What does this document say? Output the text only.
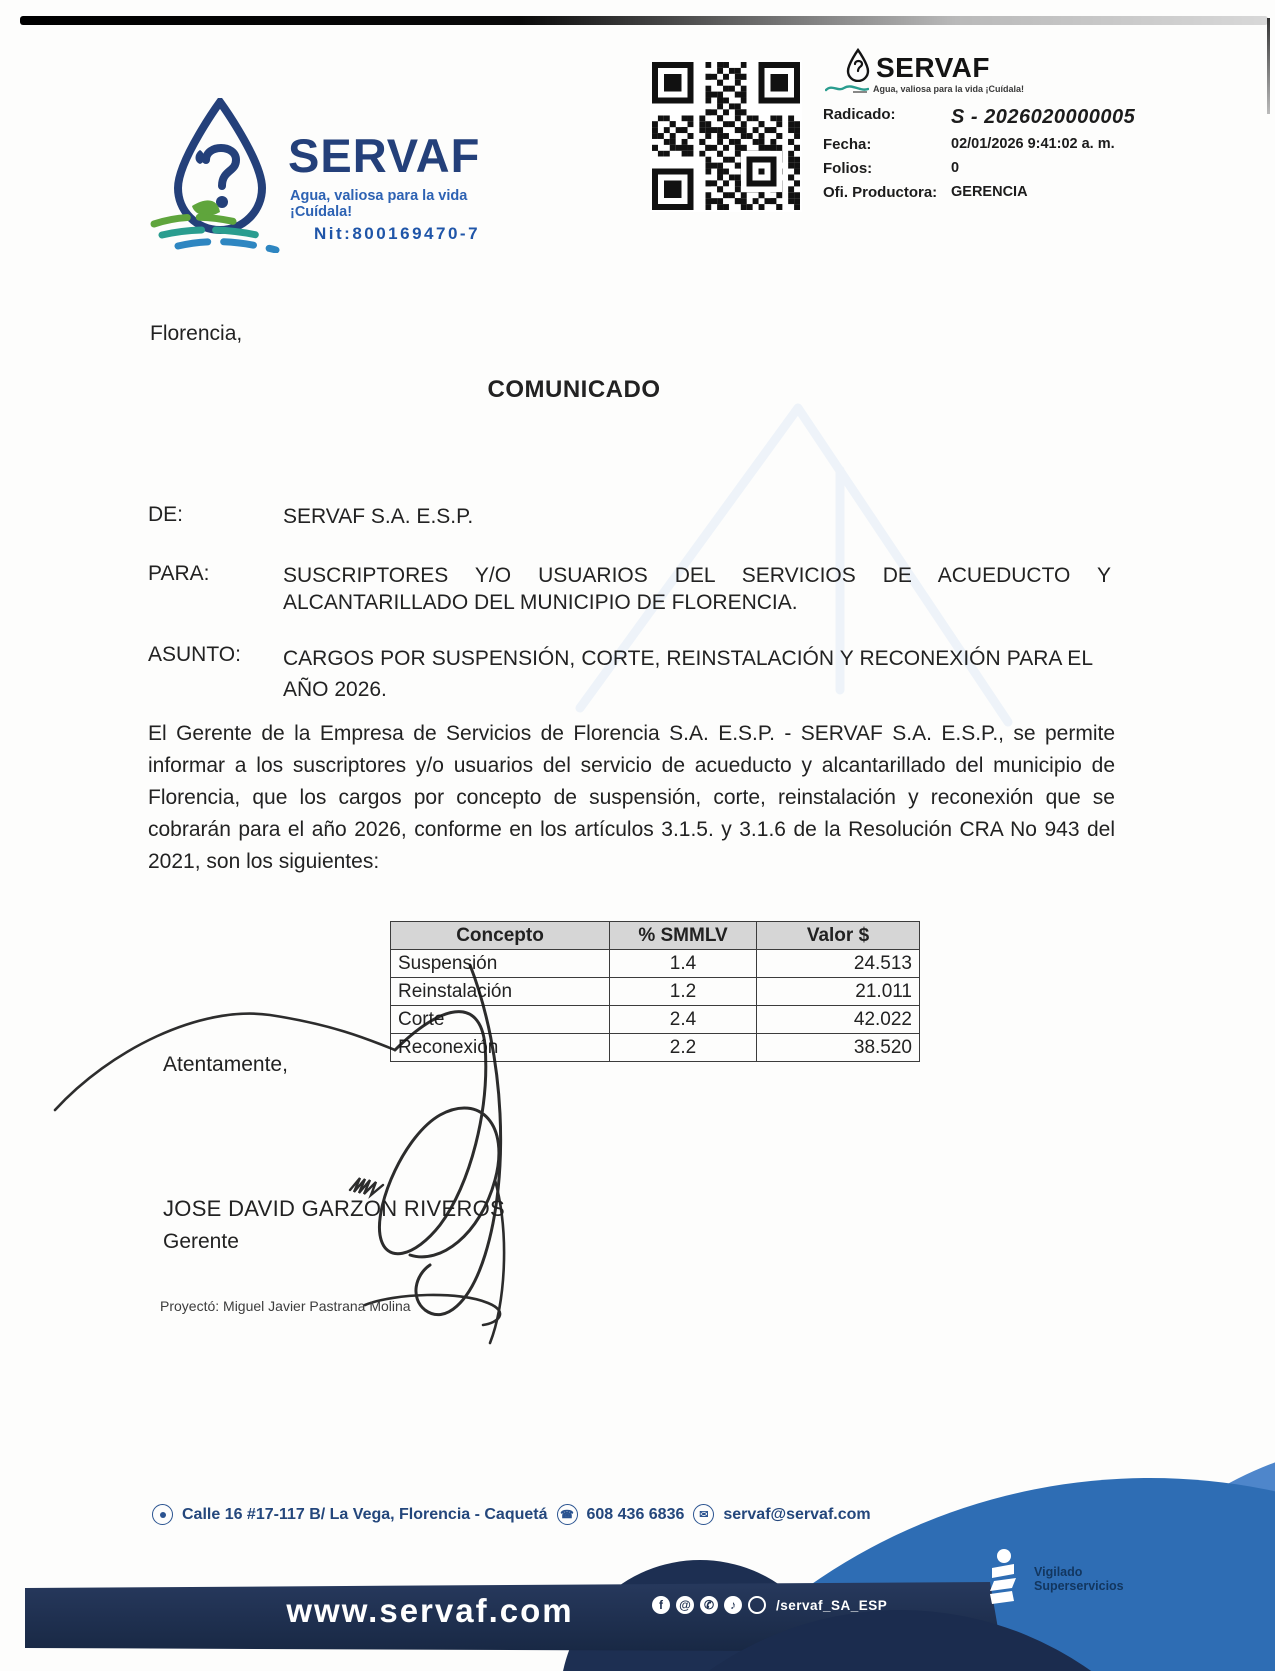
SERVAF
Agua, valiosa para la vida ¡Cuídala!
Nit:800169470-7
SERVAF
Agua, valiosa para la vida ¡Cuídala!
Radicado:	S - 2026020000005
Fecha:	02/01/2026 9:41:02 a. m.
Folios:	0
Ofi. Productora: GERENCIA
Florencia,
COMUNICADO
DE:	SERVAF S.A. E.S.P.
PARA:	SUSCRIPTORES Y/O USUARIOS DEL SERVICIOS DE ACUEDUCTO Y ALCANTARILLADO DEL MUNICIPIO DE FLORENCIA.
ASUNTO: CARGOS POR SUSPENSIÓN, CORTE, REINSTALACIÓN Y RECONEXIÓN PARA EL AÑO 2026.
El Gerente de la Empresa de Servicios de Florencia S.A. E.S.P. - SERVAF S.A. E.S.P., se permite informar a los suscriptores y/o usuarios del servicio de acueducto y alcantarillado del municipio de Florencia, que los cargos por concepto de suspensión, corte, reinstalación y reconexión que se cobrarán para el año 2026, conforme en los artículos 3.1.5. y 3.1.6 de la Resolución CRA No 943 del 2021, son los siguientes:
Concepto	% SMMLV	Valor $
Suspensión	1.4	24.513
Reinstalación	1.2	21.011
Corte	2.4	42.022
Reconexión	2.2	38.520
Atentamente,
JOSE DAVID GARZON RIVEROS
Gerente
Proyectó: Miguel Javier Pastrana Molina
Calle 16 #17-117 B/ La Vega, Florencia - Caquetá	☎ 608 436 6836	✉ servaf@servaf.com
www.servaf.com	f	@	✆	♪	/servaf_SA_ESP
Vigilado
Superservicios
